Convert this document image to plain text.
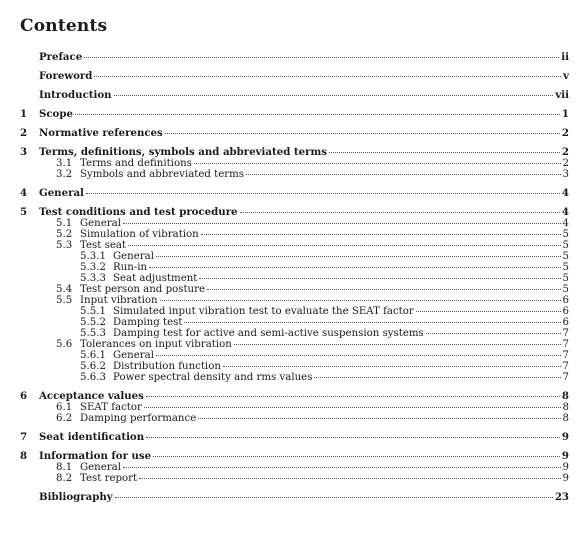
Contents
Preface	ii
Foreword	v
Introduction	vii
1	Scope	1
2	Normative references	2
3	Terms, definitions, symbols and abbreviated terms	2
3.1 Terms and definitions	2
3.2 Symbols and abbreviated terms	3
4	General	4
5	Test conditions and test procedure	4
5.1 General	4
5.2 Simulation of vibration	5
5.3 Test seat	5
5.3.1 General	5
5.3.2 Run-in	5
5.3.3 Seat adjustment	5
5.4 Test person and posture	5
5.5 Input vibration	6
5.5.1 Simulated input vibration test to evaluate the SEAT factor	6
5.5.2 Damping test	6
5.5.3 Damping test for active and semi-active suspension systems	7
5.6 Tolerances on input vibration	7
5.6.1 General	7
5.6.2 Distribution function	7
5.6.3 Power spectral density and rms values	7
6	Acceptance values	8
6.1 SEAT factor	8
6.2 Damping performance	8
7	Seat identification	9
8	Information for use	9
8.1 General	9
8.2 Test report	9
Bibliography	23
